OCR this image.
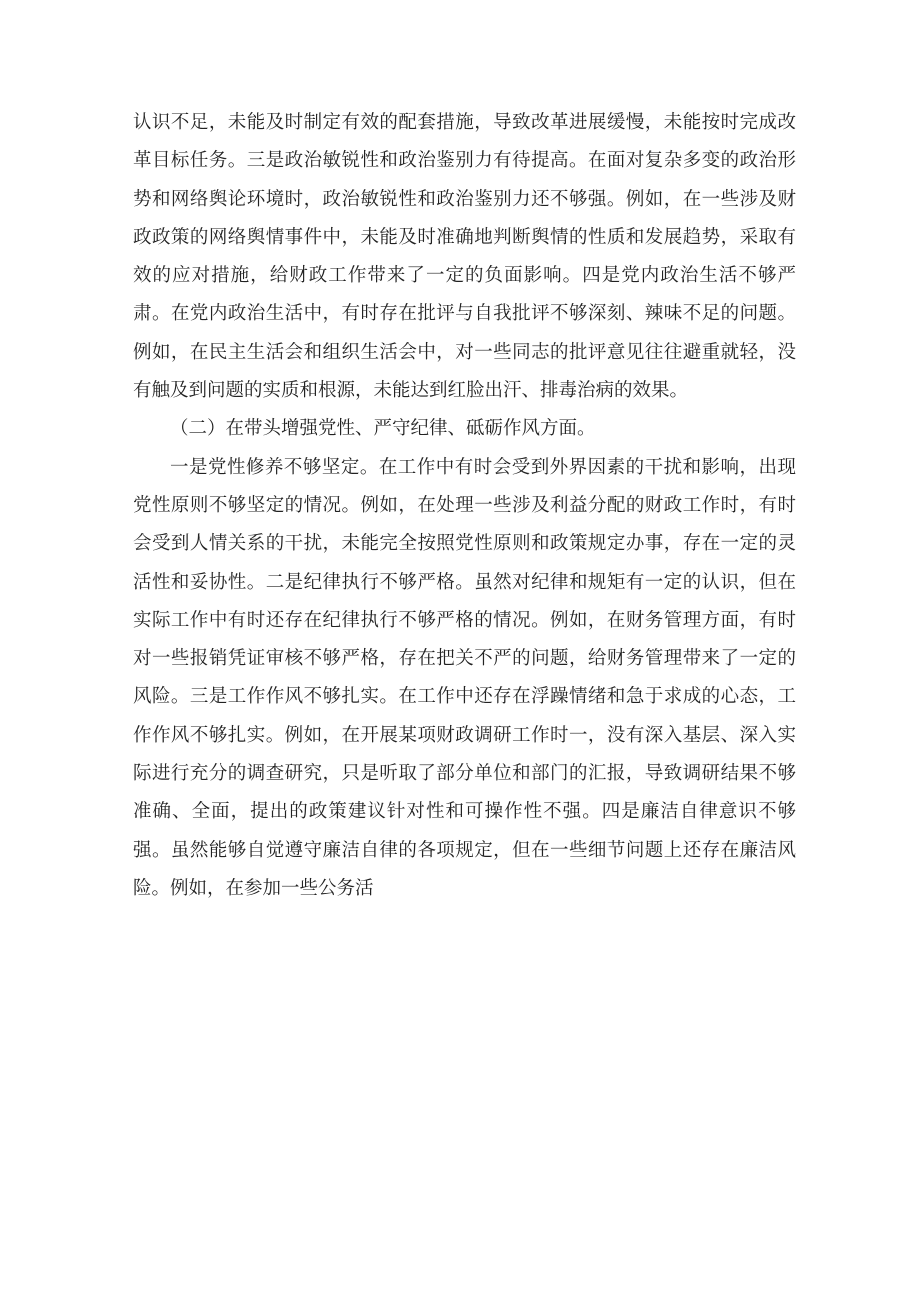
认识不足，未能及时制定有效的配套措施，导致改革进展缓慢，未能按时完成改革目标任务。三是政治敏锐性和政治鉴别力有待提高。在面对复杂多变的政治形势和网络舆论环境时，政治敏锐性和政治鉴别力还不够强。例如，在一些涉及财政政策的网络舆情事件中，未能及时准确地判断舆情的性质和发展趋势，采取有效的应对措施，给财政工作带来了一定的负面影响。四是党内政治生活不够严肃。在党内政治生活中，有时存在批评与自我批评不够深刻、辣味不足的问题。例如，在民主生活会和组织生活会中，对一些同志的批评意见往往避重就轻，没有触及到问题的实质和根源，未能达到红脸出汗、排毒治病的效果。

（二）在带头增强党性、严守纪律、砥砺作风方面。

一是党性修养不够坚定。在工作中有时会受到外界因素的干扰和影响，出现党性原则不够坚定的情况。例如，在处理一些涉及利益分配的财政工作时，有时会受到人情关系的干扰，未能完全按照党性原则和政策规定办事，存在一定的灵活性和妥协性。二是纪律执行不够严格。虽然对纪律和规矩有一定的认识，但在实际工作中有时还存在纪律执行不够严格的情况。例如，在财务管理方面，有时对一些报销凭证审核不够严格，存在把关不严的问题，给财务管理带来了一定的风险。三是工作作风不够扎实。在工作中还存在浮躁情绪和急于求成的心态，工作作风不够扎实。例如，在开展某项财政调研工作时一，没有深入基层、深入实际进行充分的调查研究，只是听取了部分单位和部门的汇报，导致调研结果不够准确、全面，提出的政策建议针对性和可操作性不强。四是廉洁自律意识不够强。虽然能够自觉遵守廉洁自律的各项规定，但在一些细节问题上还存在廉洁风险。例如，在参加一些公务活
